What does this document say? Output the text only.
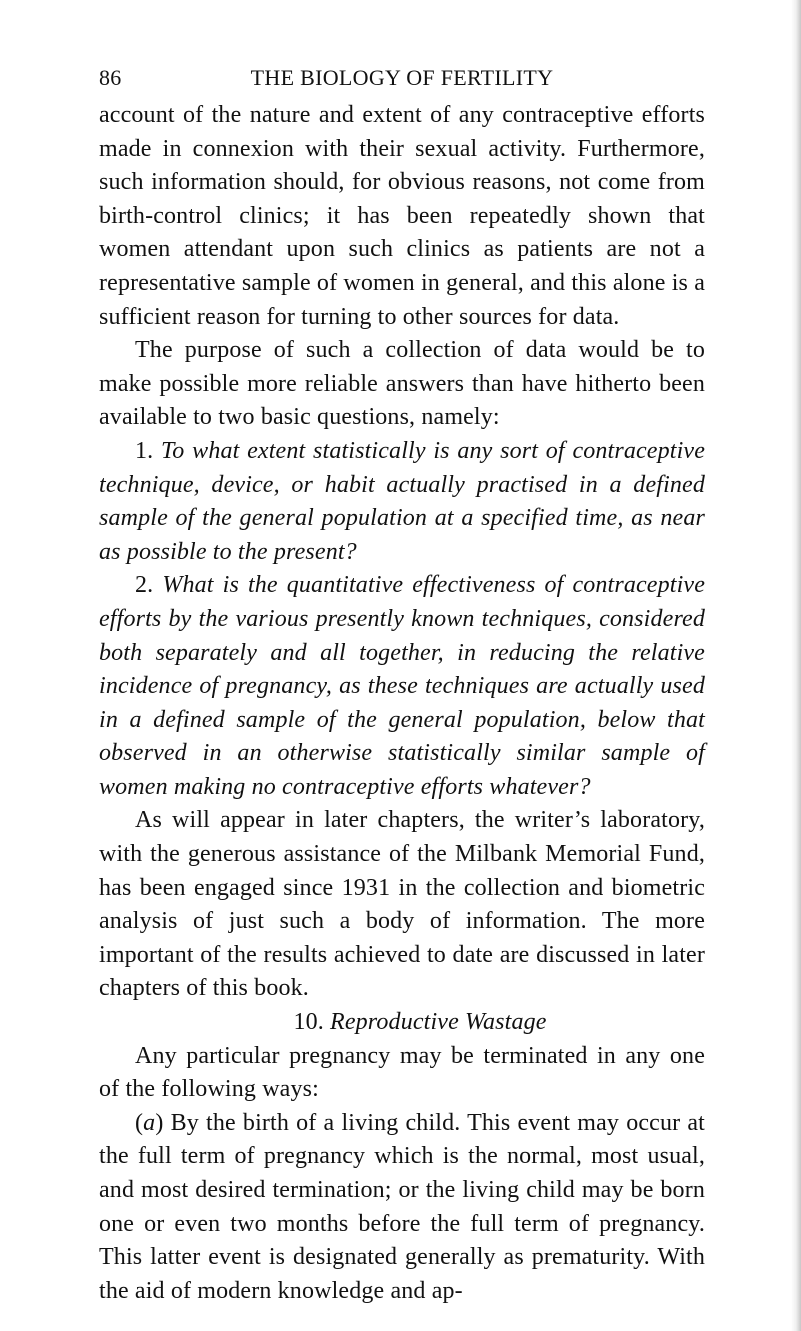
86	THE BIOLOGY OF FERTILITY

account of the nature and extent of any contraceptive efforts made in connexion with their sexual activity. Furthermore, such information should, for obvious reasons, not come from birth-control clinics; it has been repeatedly shown that women attendant upon such clinics as patients are not a representative sample of women in general, and this alone is a sufficient reason for turning to other sources for data.

The purpose of such a collection of data would be to make possible more reliable answers than have hitherto been available to two basic questions, namely:

1. To what extent statistically is any sort of contraceptive technique, device, or habit actually practised in a defined sample of the general population at a specified time, as near as possible to the present?

2. What is the quantitative effectiveness of contraceptive efforts by the various presently known techniques, considered both separately and all together, in reducing the relative incidence of pregnancy, as these techniques are actually used in a defined sample of the general population, below that observed in an otherwise statistically similar sample of women making no contraceptive efforts whatever?

As will appear in later chapters, the writer’s laboratory, with the generous assistance of the Milbank Memorial Fund, has been engaged since 1931 in the collection and biometric analysis of just such a body of information. The more important of the results achieved to date are discussed in later chapters of this book.

10. Reproductive Wastage

Any particular pregnancy may be terminated in any one of the following ways:

(a) By the birth of a living child. This event may occur at the full term of pregnancy which is the normal, most usual, and most desired termination; or the living child may be born one or even two months before the full term of pregnancy. This latter event is designated generally as prematurity. With the aid of modern knowledge and ap-
